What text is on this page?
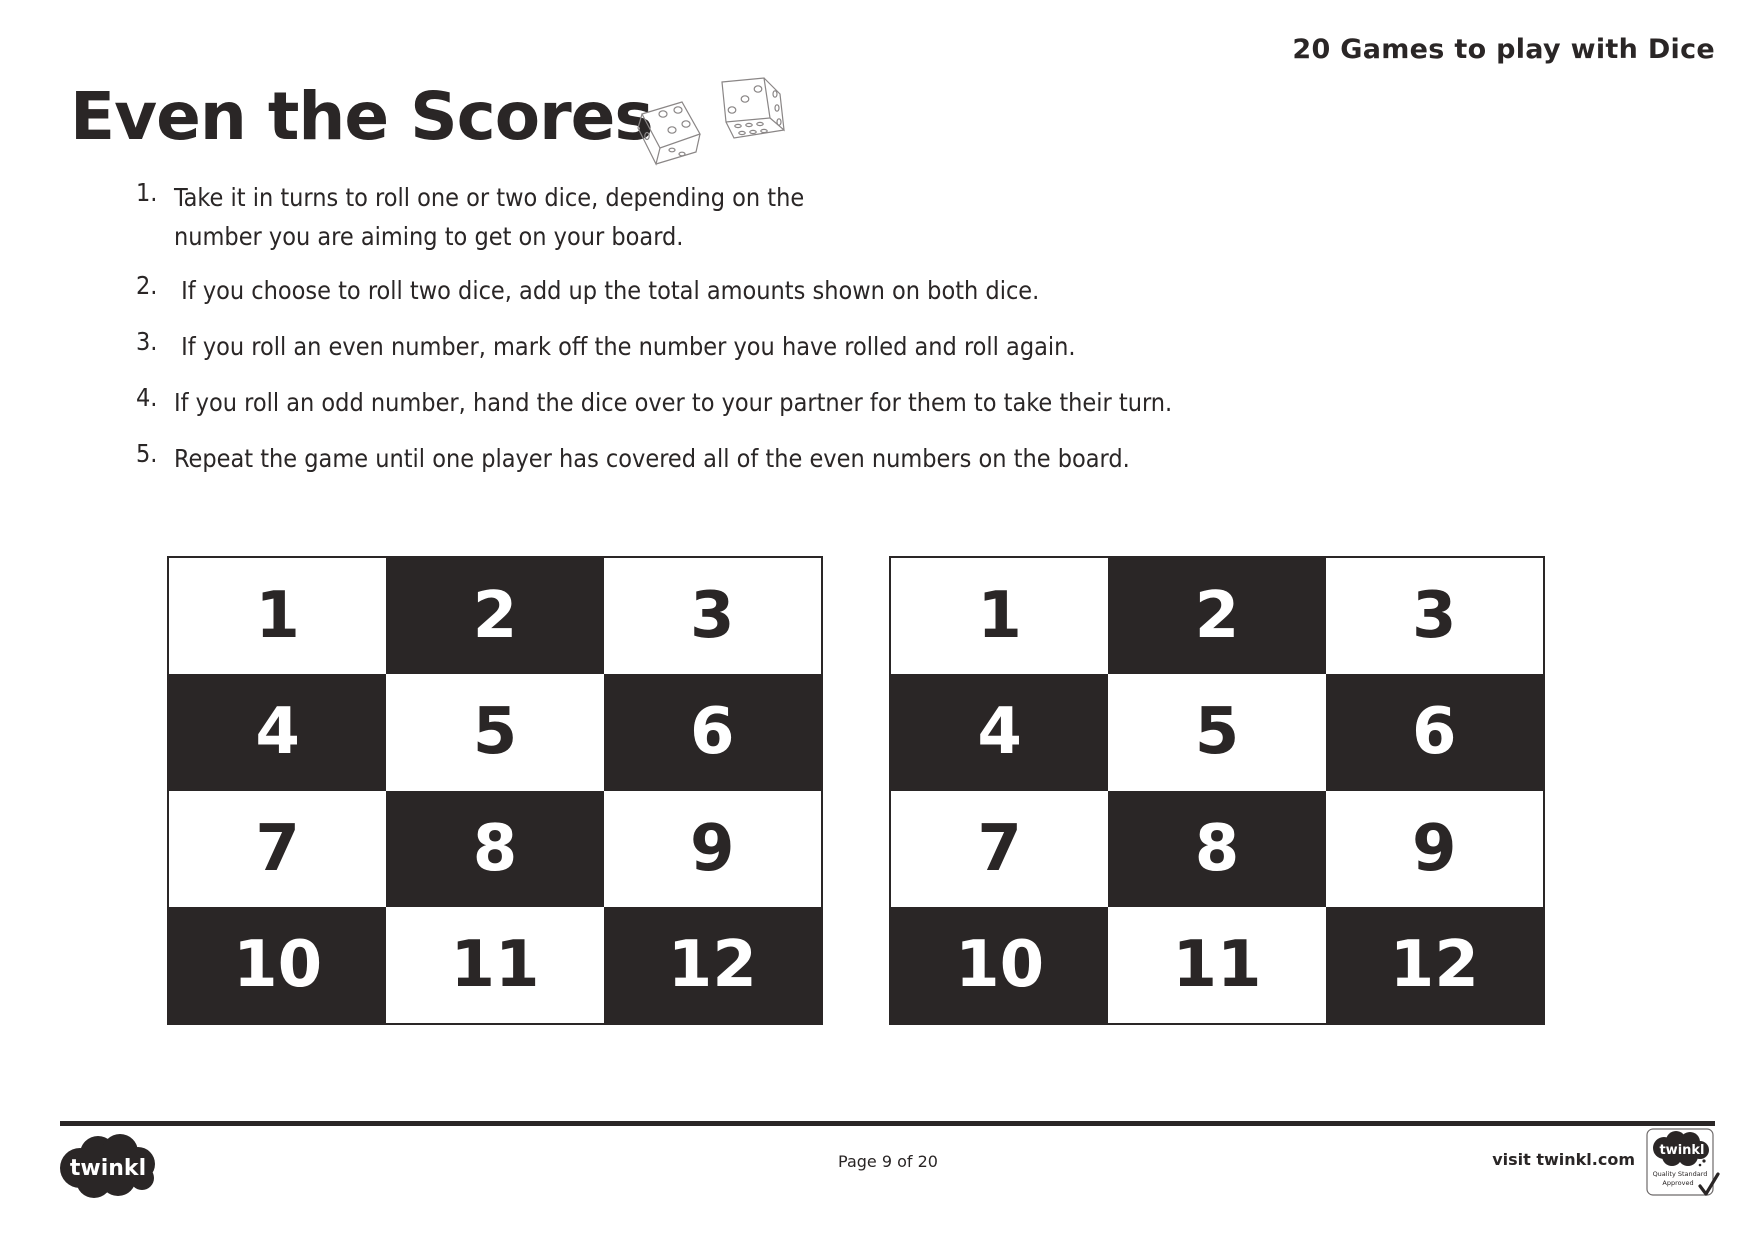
20 Games to play with Dice
Even the Scores
1. Take it in turns to roll one or two dice, depending on the
number you are aiming to get on your board.
2. If you choose to roll two dice, add up the total amounts shown on both dice.
3. If you roll an even number, mark off the number you have rolled and roll again.
4. If you roll an odd number, hand the dice over to your partner for them to take their turn.
5. Repeat the game until one player has covered all of the even numbers on the board.
1	2	3
4	5	6
7	8	9
10	11	12
1	2	3
4	5	6
7	8	9
10	11	12
twinkl	Page 9 of 20	visit twinkl.com twinkl
Quality Standard
Approved
